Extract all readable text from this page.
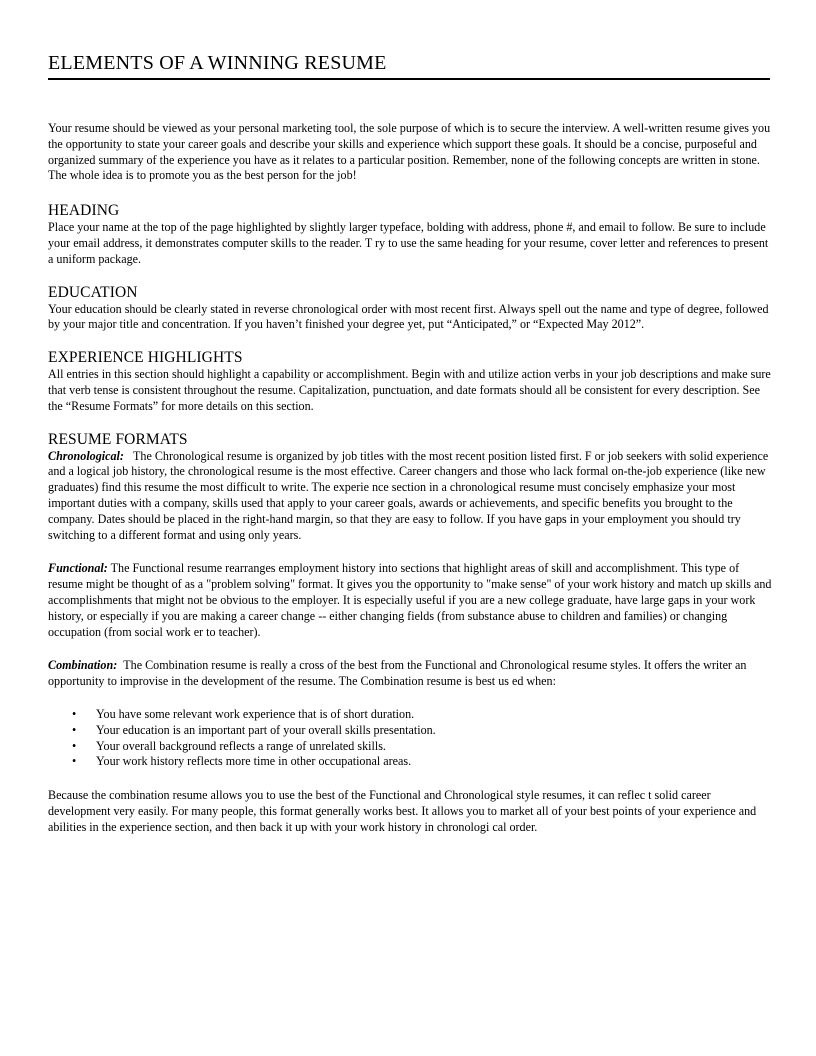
ELEMENTS OF A WINNING RESUME

Your resume should be viewed as your personal marketing tool, the sole purpose of which is to secure the interview. A well-written resume gives you the opportunity to state your career goals and describe your skills and experience which support these goals. It should be a concise, purposeful and organized summary of the experience you have as it relates to a particular position. Remember, none of the following concepts are written in stone. The whole idea is to promote you as the best person for the job!

HEADING

Place your name at the top of the page highlighted by slightly larger typeface, bolding with address, phone #, and email to follow. Be sure to include your email address, it demonstrates computer skills to the reader. T ry to use the same heading for your resume, cover letter and references to present a uniform package.

EDUCATION

Your education should be clearly stated in reverse chronological order with most recent first. Always spell out the name and type of degree, followed by your major title and concentration. If you haven’t finished your degree yet, put “Anticipated,” or “Expected May 2012”.

EXPERIENCE HIGHLIGHTS

All entries in this section should highlight a capability or accomplishment. Begin with and utilize action verbs in your job descriptions and make sure that verb tense is consistent throughout the resume. Capitalization, punctuation, and date formats should all be consistent for every description. See the “Resume Formats” for more details on this section.

RESUME FORMATS

Chronological: The Chronological resume is organized by job titles with the most recent position listed first. F or job seekers with solid experience and a logical job history, the chronological resume is the most effective. Career changers and those who lack formal on-the-job experience (like new graduates) find this resume the most difficult to write. The experie nce section in a chronological resume must concisely emphasize your most important duties with a company, skills used that apply to your career goals, awards or achievements, and specific benefits you brought to the company. Dates should be placed in the right-hand margin, so that they are easy to follow. If you have gaps in your employment you should try switching to a different format and using only years.

Functional: The Functional resume rearranges employment history into sections that highlight areas of skill and accomplishment. This type of resume might be thought of as a "problem solving" format. It gives you the opportunity to "make sense" of your work history and match up skills and accomplishments that might not be obvious to the employer. It is especially useful if you are a new college graduate, have large gaps in your work history, or especially if you are making a career change -- either changing fields (from substance abuse to children and families) or changing occupation (from social work er to teacher).

Combination: The Combination resume is really a cross of the best from the Functional and Chronological resume styles. It offers the writer an opportunity to improvise in the development of the resume. The Combination resume is best us ed when:

• You have some relevant work experience that is of short duration.
• Your education is an important part of your overall skills presentation.
• Your overall background reflects a range of unrelated skills.
• Your work history reflects more time in other occupational areas.

Because the combination resume allows you to use the best of the Functional and Chronological style resumes, it can reflec t solid career development very easily. For many people, this format generally works best. It allows you to market all of your best points of your experience and abilities in the experience section, and then back it up with your work history in chronologi cal order.
